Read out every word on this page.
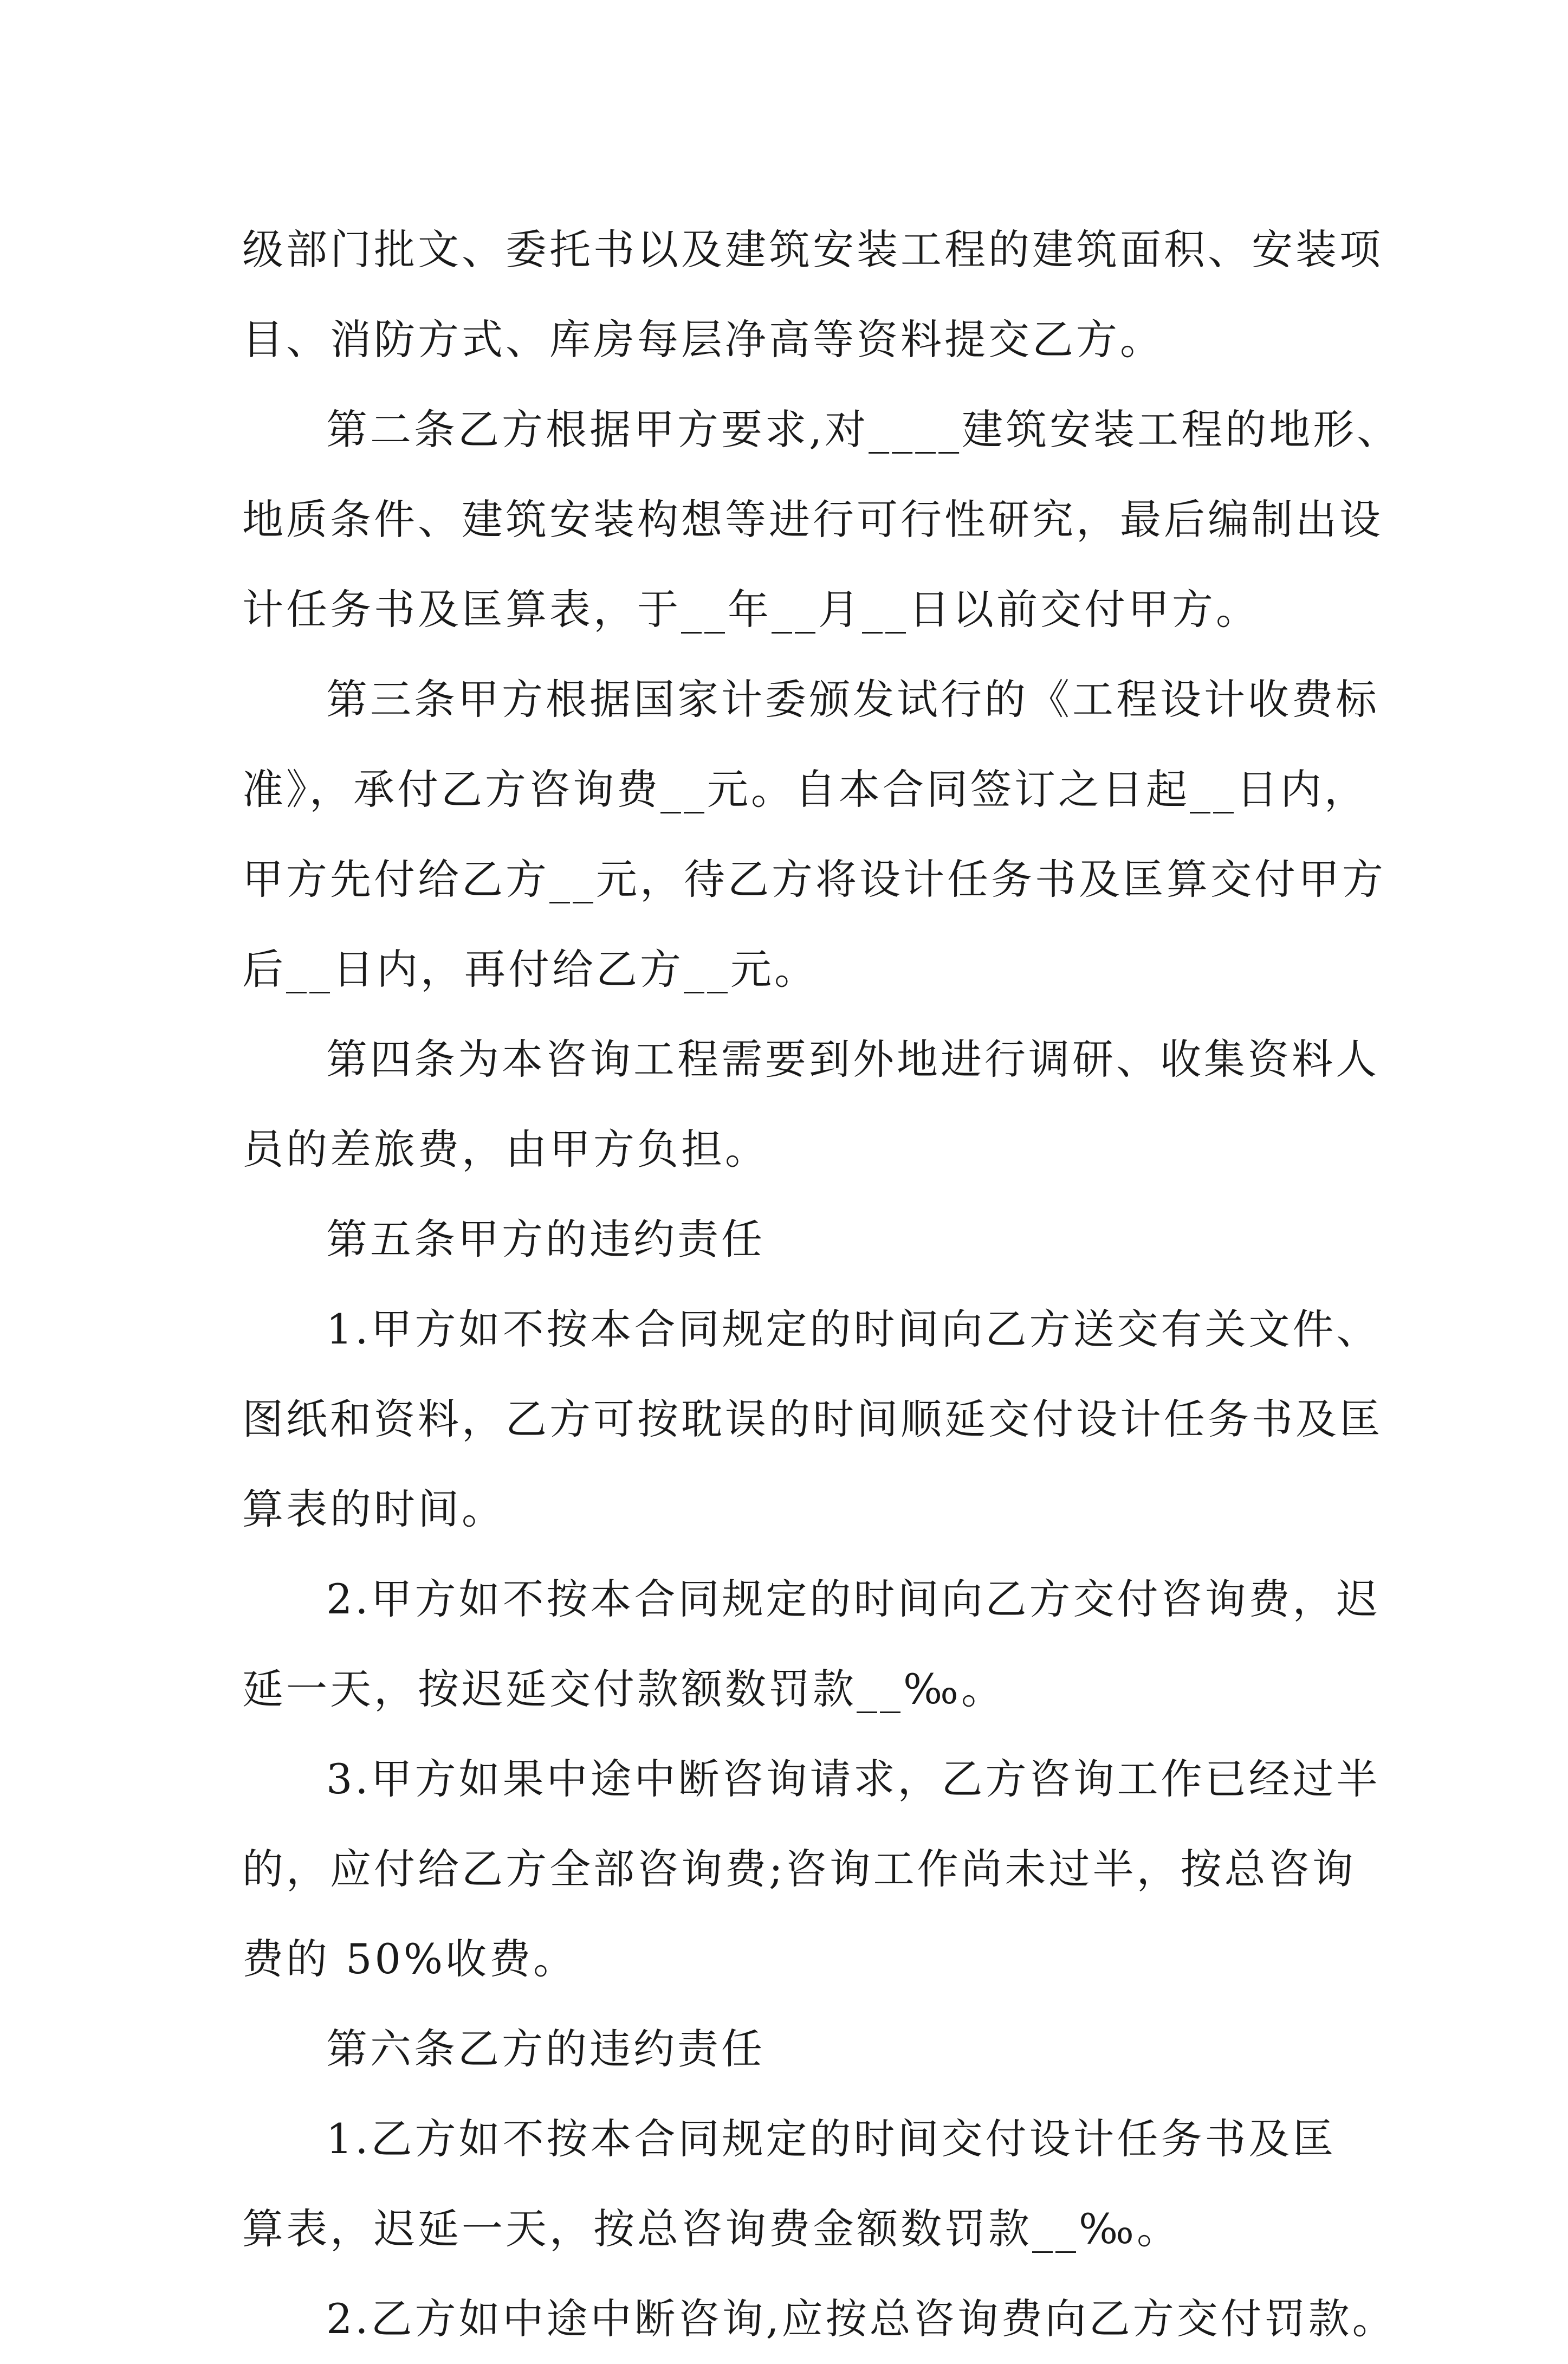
级部门批文、委托书以及建筑安装工程的建筑面积、安装项
目、消防方式、库房每层净高等资料提交乙方。
第二条乙方根据甲方要求,对____建筑安装工程的地形、
地质条件、建筑安装构想等进行可行性研究，最后编制出设
计任务书及匡算表，于__年__月__日以前交付甲方。
第三条甲方根据国家计委颁发试行的《工程设计收费标
准》，承付乙方咨询费__元。自本合同签订之日起__日内，
甲方先付给乙方__元，待乙方将设计任务书及匡算交付甲方
后__日内，再付给乙方__元。
第四条为本咨询工程需要到外地进行调研、收集资料人
员的差旅费，由甲方负担。
第五条甲方的违约责任
1.甲方如不按本合同规定的时间向乙方送交有关文件、
图纸和资料，乙方可按耽误的时间顺延交付设计任务书及匡
算表的时间。
2.甲方如不按本合同规定的时间向乙方交付咨询费，迟
延一天，按迟延交付款额数罚款__‰。
3.甲方如果中途中断咨询请求，乙方咨询工作已经过半
的，应付给乙方全部咨询费;咨询工作尚未过半，按总咨询
费的 50%收费。
第六条乙方的违约责任
1.乙方如不按本合同规定的时间交付设计任务书及匡
算表，迟延一天，按总咨询费金额数罚款__‰。
2.乙方如中途中断咨询,应按总咨询费向乙方交付罚款。
